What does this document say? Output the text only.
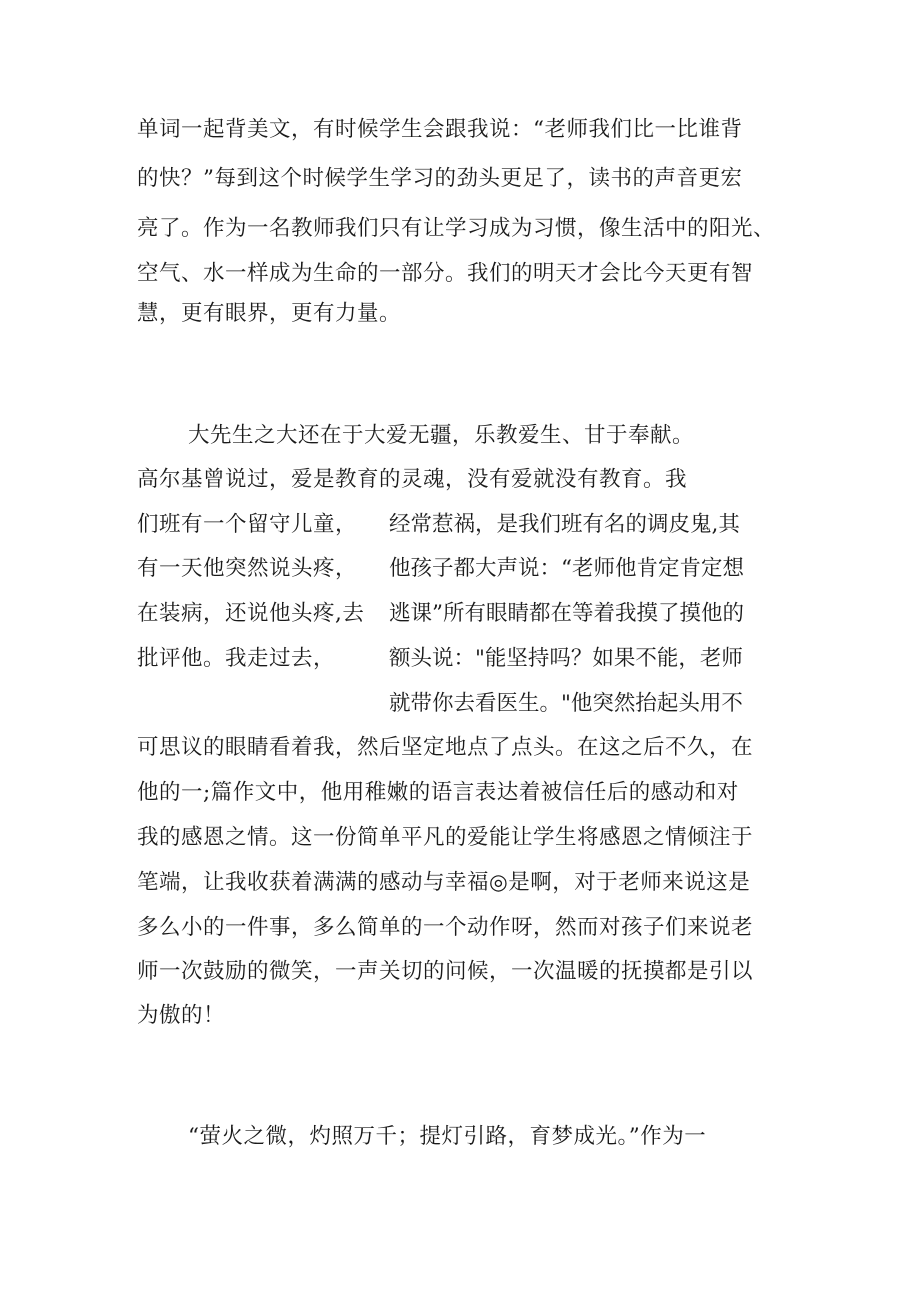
单词一起背美文，有时候学生会跟我说：“老师我们比一比谁背
的快？”每到这个时候学生学习的劲头更足了，读书的声音更宏
亮了。作为一名教师我们只有让学习成为习惯，像生活中的阳光、
空气、水一样成为生命的一部分。我们的明天才会比今天更有智
慧，更有眼界，更有力量。
大先生之大还在于大爱无疆，乐教爱生、甘于奉献。
高尔基曾说过，爱是教育的灵魂，没有爱就没有教育。我
们班有一个留守儿童，
有一天他突然说头疼，
在装病，还说他头疼,去
批评他。我走过去，
经常惹祸，是我们班有名的调皮鬼,其
他孩子都大声说：“老师他肯定肯定想
逃课”所有眼睛都在等着我摸了摸他的
额头说："能坚持吗？如果不能，老师
就带你去看医生。"他突然抬起头用不
可思议的眼睛看着我，然后坚定地点了点头。在这之后不久，在
他的一;篇作文中，他用稚嫩的语言表达着被信任后的感动和对
我的感恩之情。这一份简单平凡的爱能让学生将感恩之情倾注于
笔端，让我收获着满满的感动与幸福◎是啊，对于老师来说这是
多么小的一件事，多么简单的一个动作呀，然而对孩子们来说老
师一次鼓励的微笑，一声关切的问候，一次温暖的抚摸都是引以
为傲的！
“萤火之微，灼照万千；提灯引路，育梦成光。”作为一
